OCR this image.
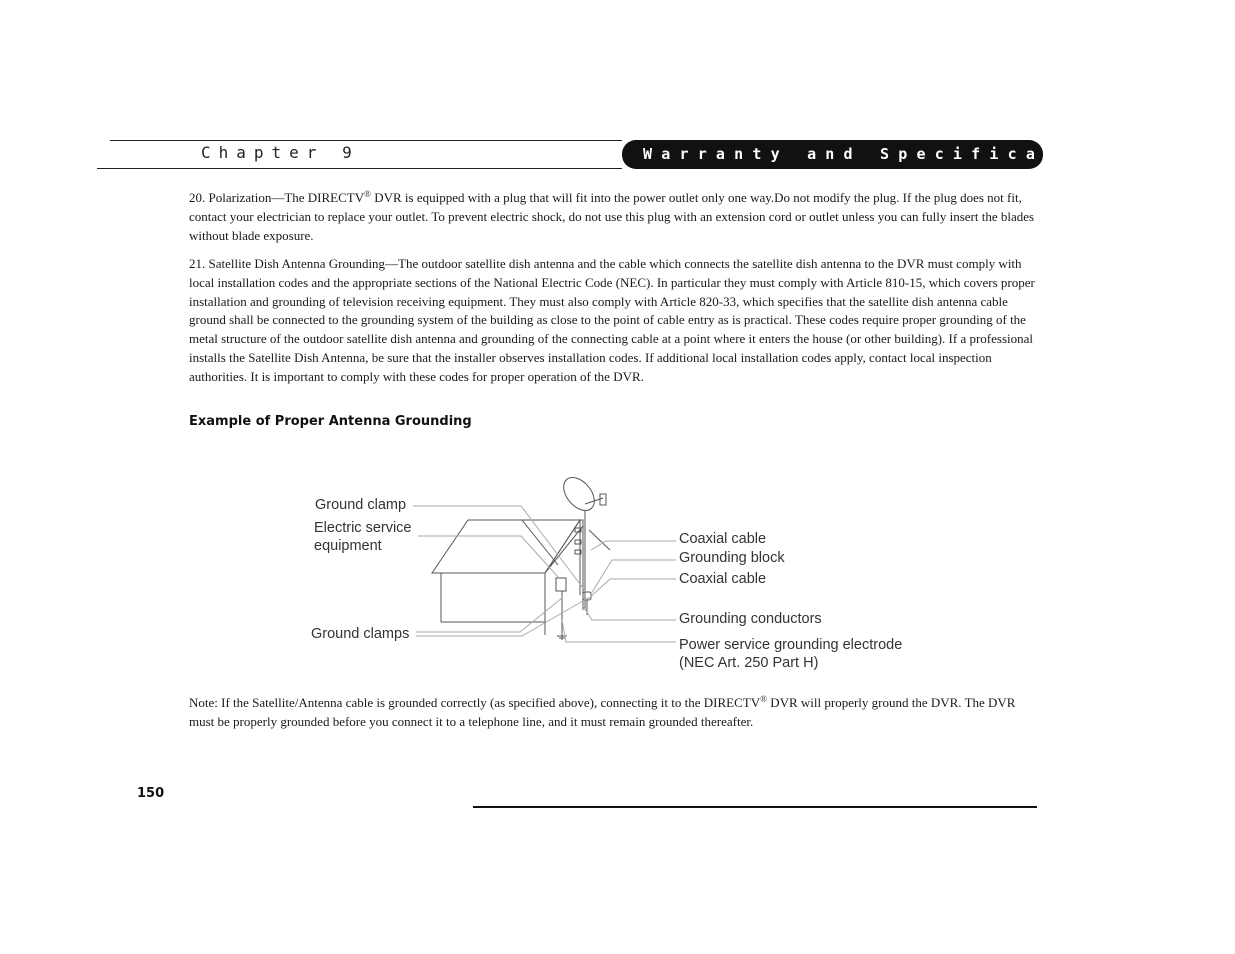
Chapter 9	Warranty and Specifications

20. Polarization—The DIRECTV® DVR is equipped with a plug that will fit into the power outlet only one way.Do not modify the plug. If the plug does not fit, contact your electrician to replace your outlet. To prevent electric shock, do not use this plug with an extension cord or outlet unless you can fully insert the blades without blade exposure.

21. Satellite Dish Antenna Grounding—The outdoor satellite dish antenna and the cable which connects the satellite dish antenna to the DVR must comply with local installation codes and the appropriate sections of the National Electric Code (NEC). In particular they must comply with Article 810-15, which covers proper installation and grounding of television receiving equipment. They must also comply with Article 820-33, which specifies that the satellite dish antenna cable ground shall be connected to the grounding system of the building as close to the point of cable entry as is practical. These codes require proper grounding of the metal structure of the outdoor satellite dish antenna and grounding of the connecting cable at a point where it enters the house (or other building). If a professional installs the Satellite Dish Antenna, be sure that the installer observes installation codes. If additional local installation codes apply, contact local inspection authorities. It is important to comply with these codes for proper operation of the DVR.

Example of Proper Antenna Grounding

Ground clamp

Electric service

equipment

Ground clamps

Coaxial cable

Grounding block

Coaxial cable

Grounding conductors

Power service grounding electrode

(NEC Art. 250 Part H)

Note: If the Satellite/Antenna cable is grounded correctly (as specified above), connecting it to the DIRECTV® DVR will properly ground the DVR. The DVR must be properly grounded before you connect it to a telephone line, and it must remain grounded thereafter.

150
